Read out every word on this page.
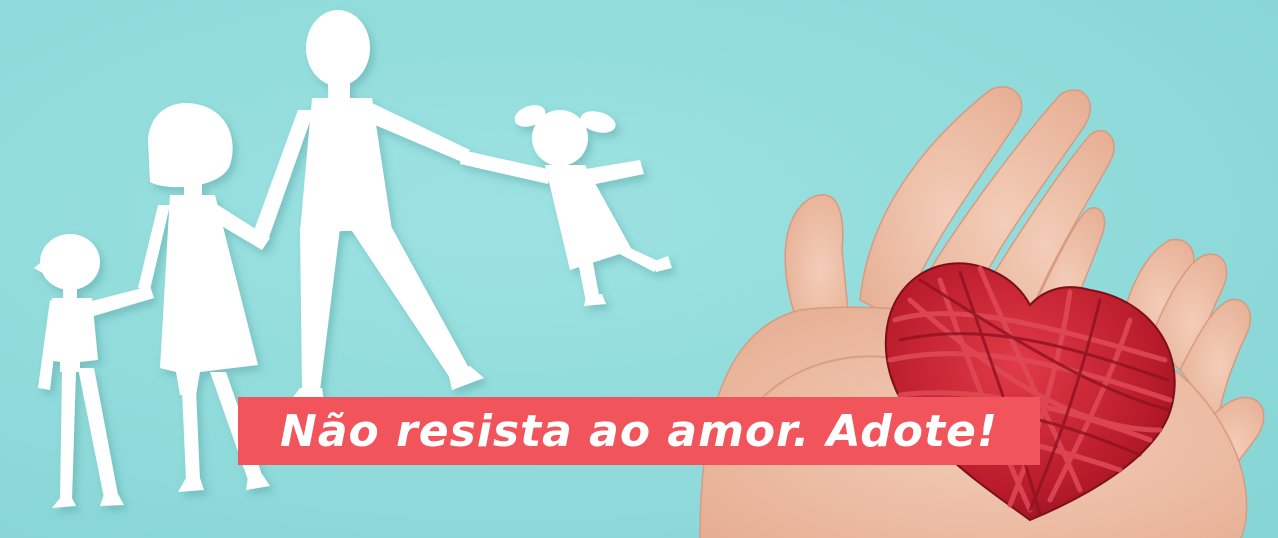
Não resista ao amor. Adote!
